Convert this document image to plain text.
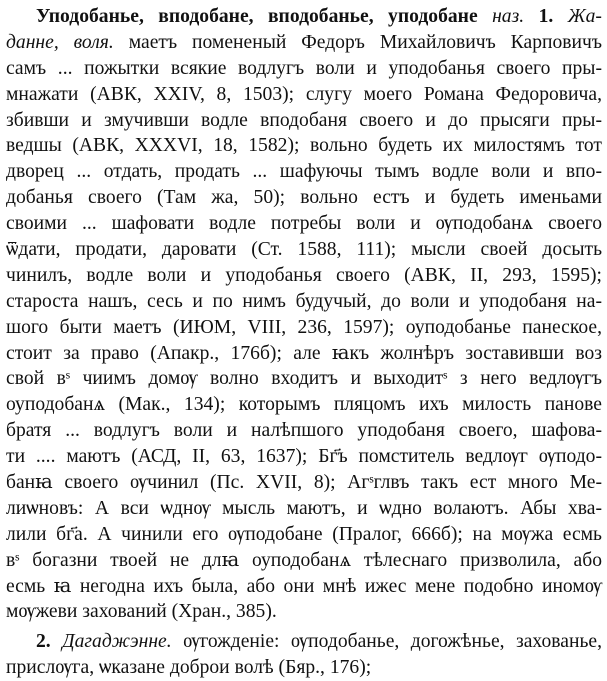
Уподобанье, вподобане, вподобанье, уподобане наз. 1. Жа-
данне, воля. маетъ помененый Федоръ Михайловичъ Карповичъ
самъ ... пожытки всякие водлугъ воли и уподобанья своего пры-
мнажати (АВК, XXIV, 8, 1503); слугу моего Романа Федоровича,
збивши и змучивши водле вподобаня своего и до прысяги пры-
ведшы (АВК, XXXVI, 18, 1582); вольно будеть их милостямъ тот
дворец ... отдать, продать ... шафуючы тымъ водле воли и впо-
добанья своего (Там жа, 50); вольно естъ и будеть именьами
своими ... шафовати водле потребы воли и ѹподобанѧ своего
ѿдати, продати, даровати (Ст. 1588, 111); мысли своей досыть
чинилъ, водле воли и уподобанья своего (АВК, II, 293, 1595);
староста нашъ, сесь и по нимъ будучый, до воли и уподобаня на-
шого быти маетъ (ИЮМ, VIII, 236, 1597); оуподобанье панеское,
стоит за право (Апакр., 176б); але ꙗкъ жолнѣръ зоставивши воз
свой вˢ чиимъ домѹ волно входитъ и выходитˢ з него ведлѹгъ
оуподобанѧ (Мак., 134); которымъ пляцомъ ихъ милость панове
братя ... водлугъ воли и налѣпшого уподобаня своего, шафова-
ти .... маютъ (АСД, II, 63, 1637); Бг҃ъ помститель ведлѹг ѹподо-
банꙗ своего ѹчинил (Пс. XVII, 8); Агˢглвъ такъ ест много Ме-
лиѡновъ: А вси ѡднѹ мысль маютъ, и ѡдно волаютъ. Абы хва-
лили бг҃а. А чинили его ѹподобане (Пралог, 666б); на мѹжа есмь
вˢ богазни твоей не длꙗ оуподобанѧ тѣлеснаго призволила, або
есмь ꙗ негодна ихъ была, або они мнѣ ижес мене подобно иномѹ
мѹжеви захований (Хран., 385).
2. Дагаджэнне. ѹгожденіе: ѹподобанье, догожѣнье, захованье,
прислѹга, ѡказане доброи волѣ (Бяр., 176);
